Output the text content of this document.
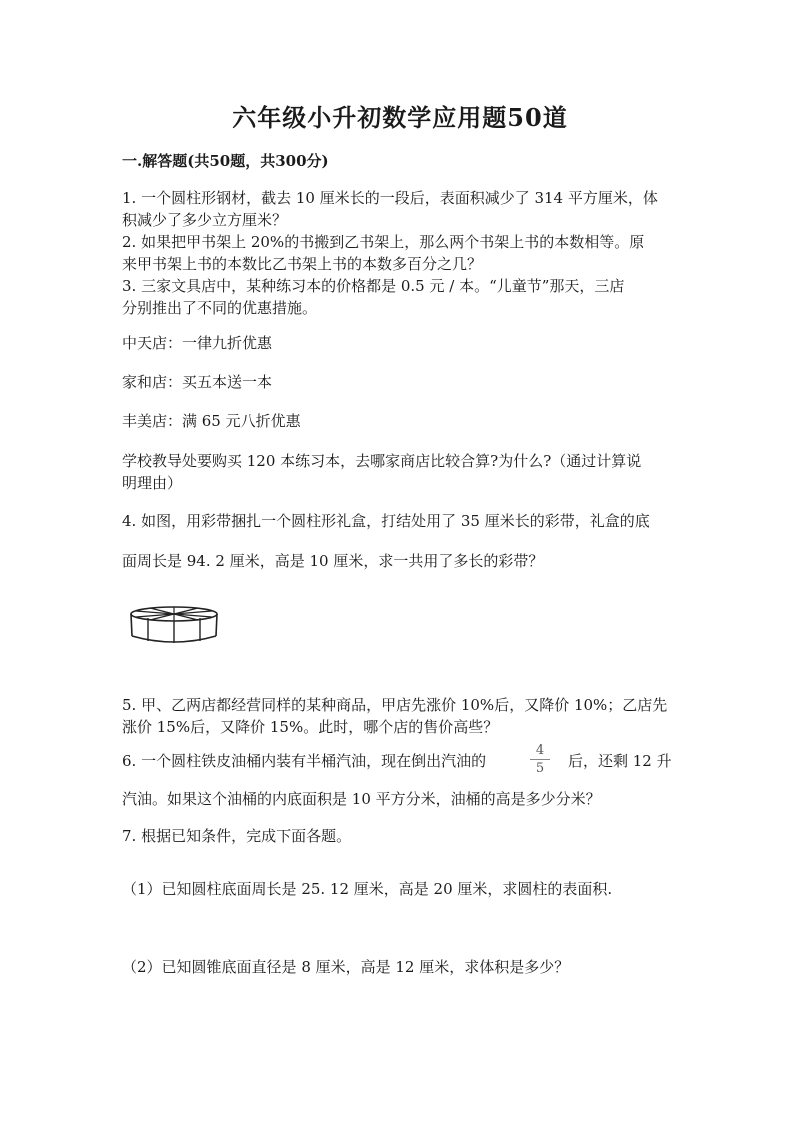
六年级小升初数学应用题50道
一.解答题(共50题，共300分)
1. 一个圆柱形钢材，截去 10 厘米长的一段后，表面积减少了 314 平方厘米，体
积减少了多少立方厘米？
2. 如果把甲书架上 20%的书搬到乙书架上，那么两个书架上书的本数相等。原
来甲书架上书的本数比乙书架上书的本数多百分之几？
3. 三家文具店中，某种练习本的价格都是 0.5 元 / 本。“儿童节”那天，三店
分别推出了不同的优惠措施。
中天店：一律九折优惠
家和店：买五本送一本
丰美店：满 65 元八折优惠
学校教导处要购买 120 本练习本，去哪家商店比较合算?为什么?（通过计算说
明理由）
4. 如图，用彩带捆扎一个圆柱形礼盒，打结处用了 35 厘米长的彩带，礼盒的底
面周长是 94. 2 厘米，高是 10 厘米，求一共用了多长的彩带？
5. 甲、乙两店都经营同样的某种商品，甲店先涨价 10%后，又降价 10%；乙店先
涨价 15%后，又降价 15%。此时，哪个店的售价高些？
6. 一个圆柱铁皮油桶内装有半桶汽油，现在倒出汽油的	$\frac{4}{5}$ 后，还剩 12 升
汽油。如果这个油桶的内底面积是 10 平方分米，油桶的高是多少分米？
7. 根据已知条件，完成下面各题。
（1）已知圆柱底面周长是 25. 12 厘米，高是 20 厘米，求圆柱的表面积.
（2）已知圆锥底面直径是 8 厘米，高是 12 厘米，求体积是多少？
